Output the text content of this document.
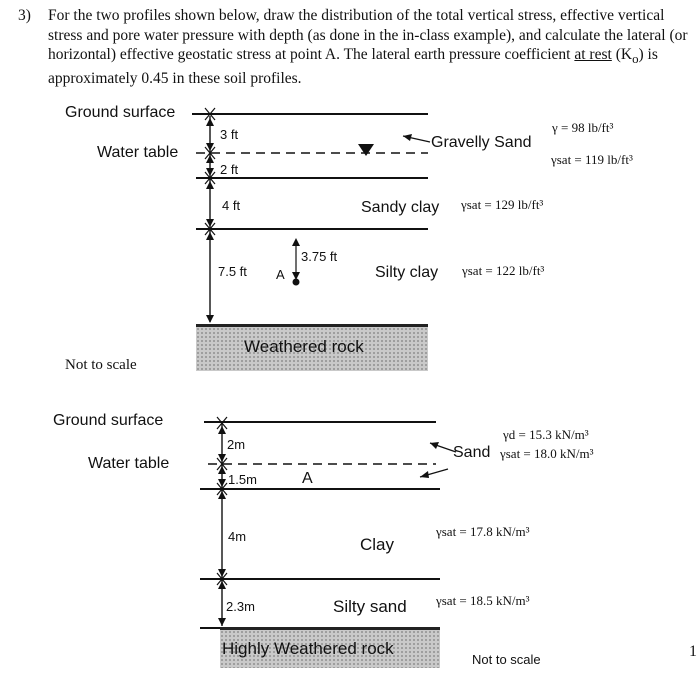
3) For the two profiles shown below, draw the distribution of the total vertical stress, effective vertical stress and pore water pressure with depth (as done in the in-class example), and calculate the lateral (or horizontal) effective geostatic stress at point A. The lateral earth pressure coefficient at rest $(K_o)$ is approximately 0.45 in these soil profiles.
Ground surface
Water table
3 ft
2 ft
4 ft
7.5 ft
3.75 ft
A
Gravelly Sand
γ = 98 lb/ft³
γsat = 119 lb/ft³
Sandy clay γsat = 129 lb/ft³
Silty clay γsat = 122 lb/ft³
Weathered rock
Not to scale
Ground surface
Water table
2m
1.5m
4m
2.3m
A
Sand
γd = 15.3 kN/m³
γsat = 18.0 kN/m³
Clay
γsat = 17.8 kN/m³
Silty sand γsat = 18.5 kN/m³
Highly Weathered rock
Not to scale	1
